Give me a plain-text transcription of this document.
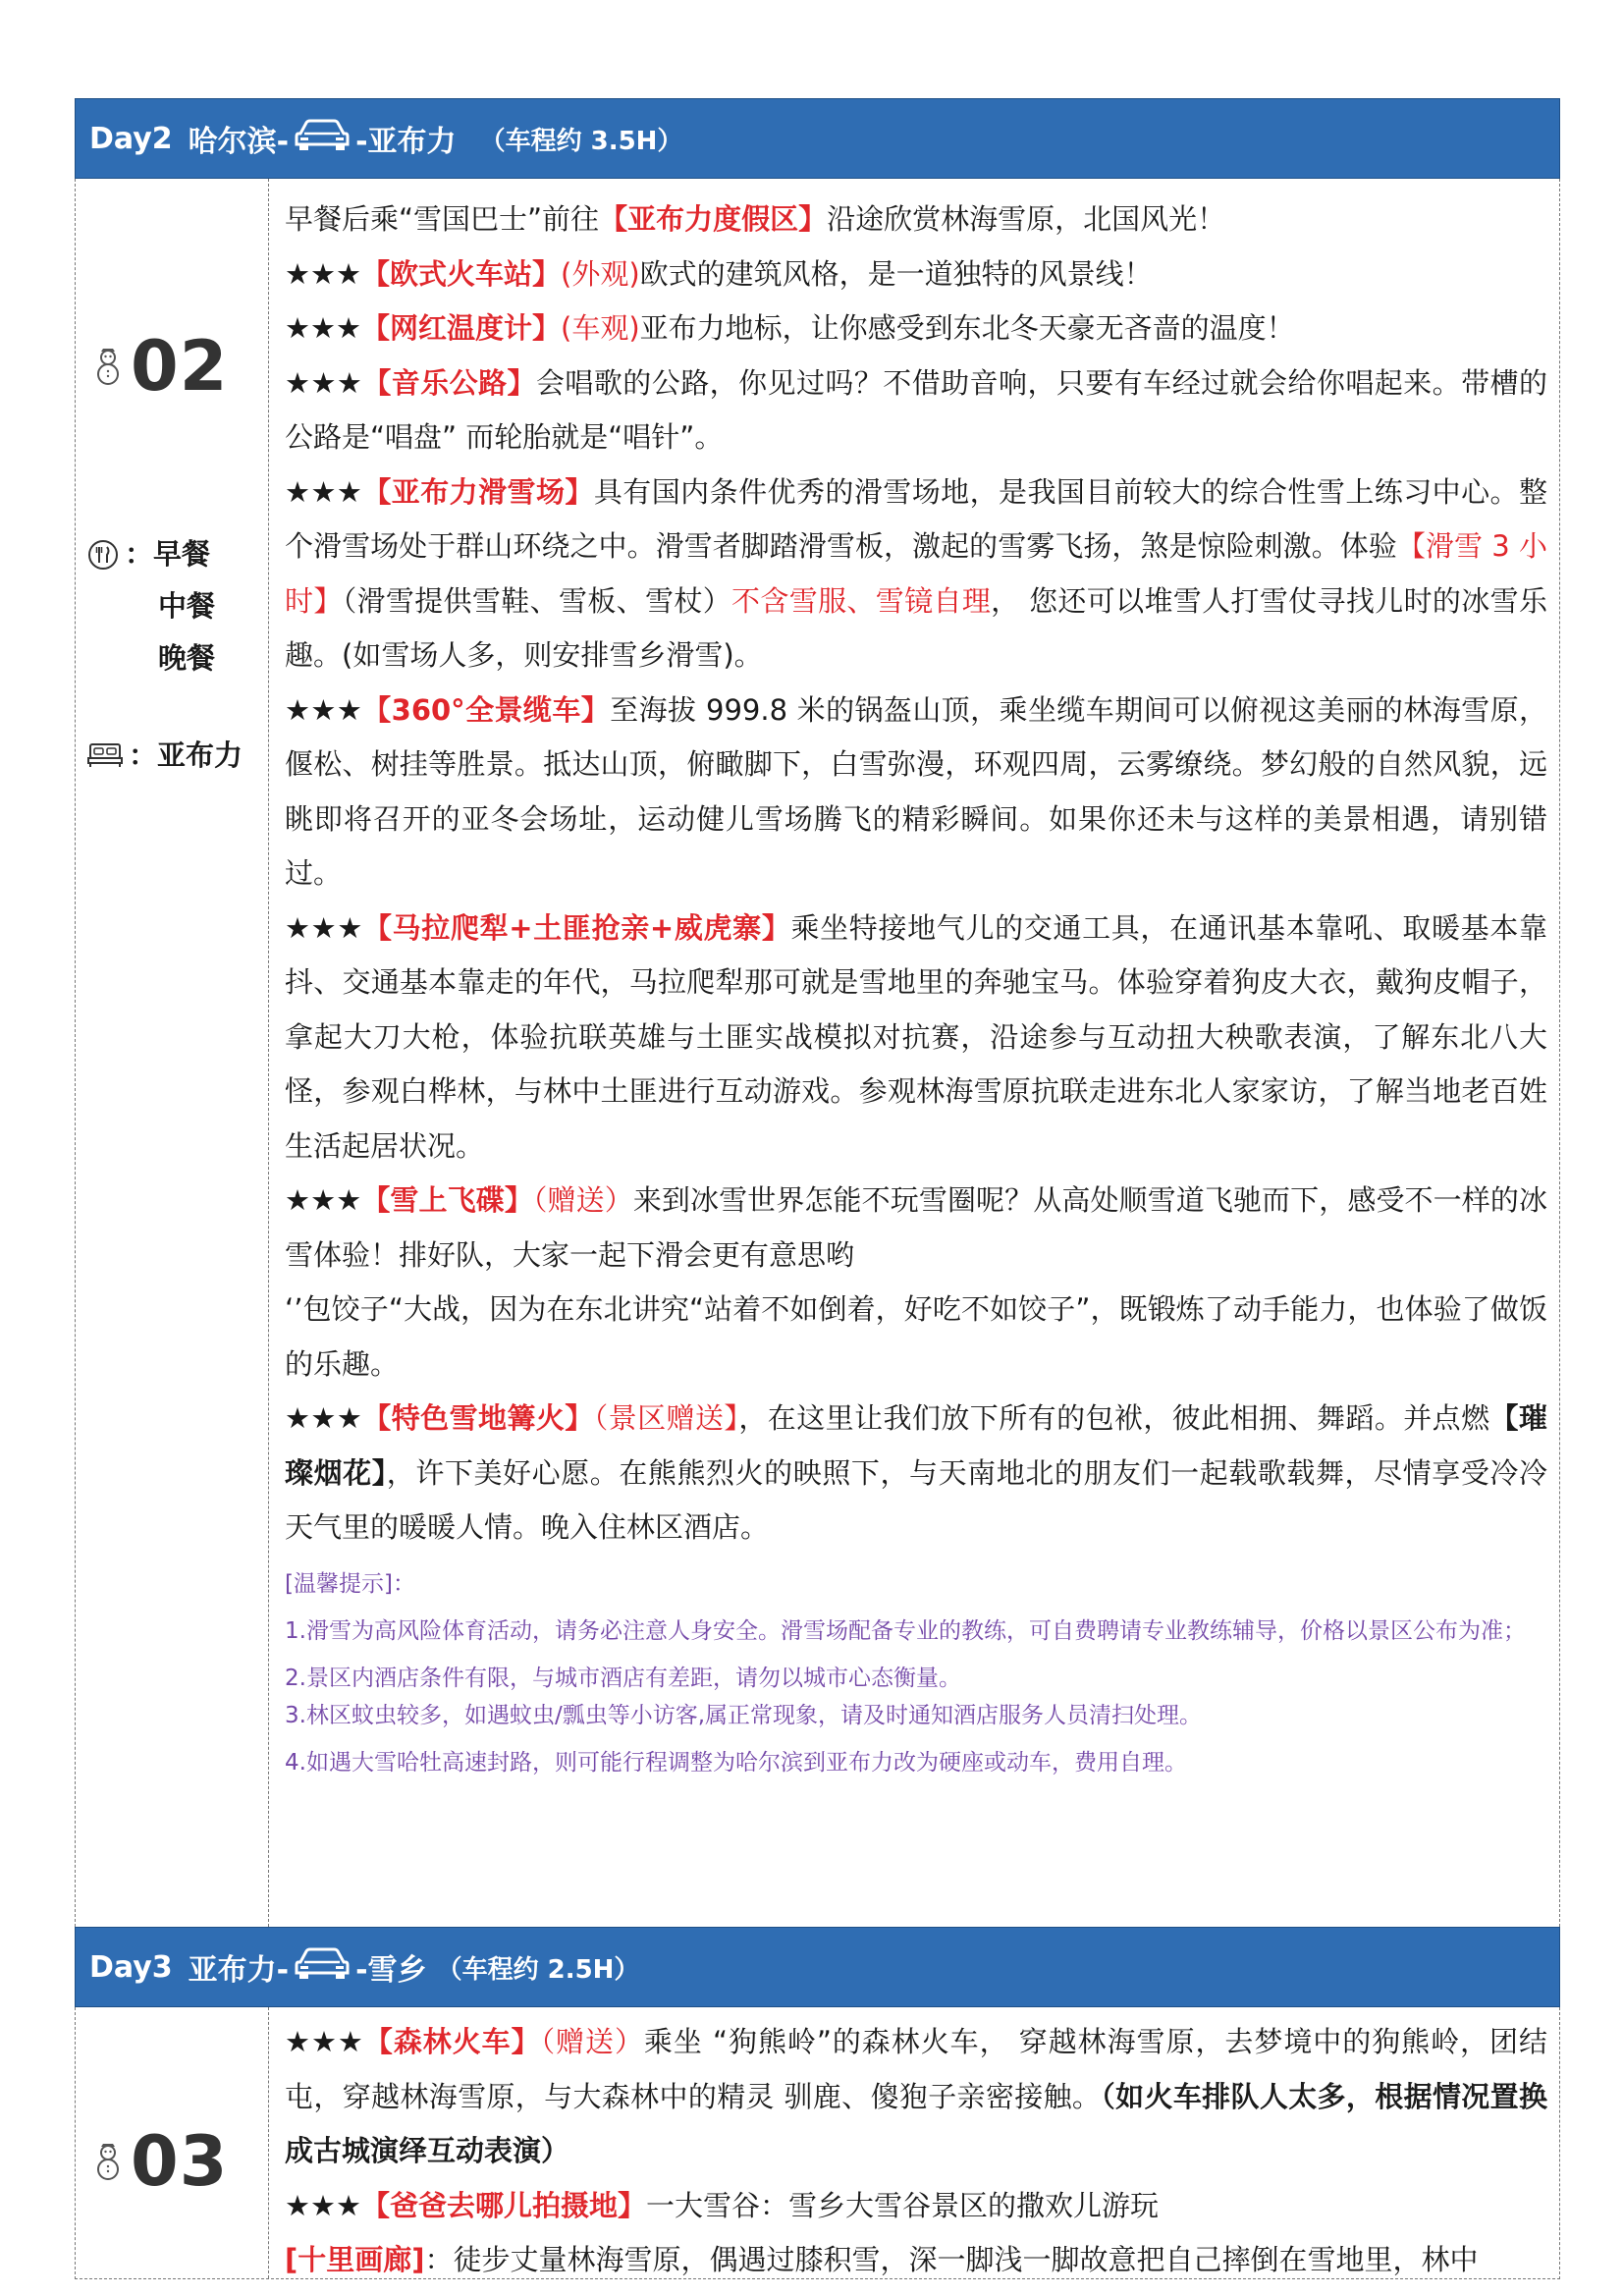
Day2 哈尔滨- -亚布力 （车程约 3.5H）
02
：早餐
中餐
晚餐
：亚布力

早餐后乘“雪国巴士”前往【亚布力度假区】沿途欣赏林海雪原，北国风光！

★★★【欧式火车站】(外观)欧式的建筑风格，是一道独特的风景线！

★★★【网红温度计】(车观)亚布力地标，让你感受到东北冬天豪无吝啬的温度！

★★★【音乐公路】会唱歌的公路，你见过吗？不借助音响，只要有车经过就会给你唱起来。带槽的公路是“唱盘” 而轮胎就是“唱针”。

★★★【亚布力滑雪场】具有国内条件优秀的滑雪场地，是我国目前较大的综合性雪上练习中心。整个滑雪场处于群山环绕之中。滑雪者脚踏滑雪板，激起的雪雾飞扬，煞是惊险刺激。体验【滑雪 3 小时】（滑雪提供雪鞋、雪板、雪杖）不含雪服、雪镜自理， 您还可以堆雪人打雪仗寻找儿时的冰雪乐趣。(如雪场人多，则安排雪乡滑雪)。

★★★【360°全景缆车】至海拔 999.8 米的锅盔山顶，乘坐缆车期间可以俯视这美丽的林海雪原，偃松、树挂等胜景。抵达山顶，俯瞰脚下，白雪弥漫，环观四周，云雾缭绕。梦幻般的自然风貌，远眺即将召开的亚冬会场址，运动健儿雪场腾飞的精彩瞬间。如果你还未与这样的美景相遇，请别错过。

★★★【马拉爬犁+土匪抢亲+威虎寨】乘坐特接地气儿的交通工具，在通讯基本靠吼、取暖基本靠抖、交通基本靠走的年代，马拉爬犁那可就是雪地里的奔驰宝马。体验穿着狗皮大衣，戴狗皮帽子，拿起大刀大枪，体验抗联英雄与土匪实战模拟对抗赛，沿途参与互动扭大秧歌表演，了解东北八大怪，参观白桦林，与林中土匪进行互动游戏。参观林海雪原抗联走进东北人家家访，了解当地老百姓生活起居状况。

★★★【雪上飞碟】（赠送）来到冰雪世界怎能不玩雪圈呢？从高处顺雪道飞驰而下，感受不一样的冰雪体验！排好队，大家一起下滑会更有意思哟

‘’包饺子“大战，因为在东北讲究“站着不如倒着，好吃不如饺子”，既锻炼了动手能力，也体验了做饭的乐趣。

★★★【特色雪地篝火】（景区赠送】，在这里让我们放下所有的包袱，彼此相拥、舞蹈。并点燃【璀璨烟花】，许下美好心愿。在熊熊烈火的映照下，与天南地北的朋友们一起载歌载舞，尽情享受冷冷天气里的暖暖人情。晚入住林区酒店。

[温馨提示]：

1.滑雪为高风险体育活动，请务必注意人身安全。滑雪场配备专业的教练，可自费聘请专业教练辅导，价格以景区公布为准；

2.景区内酒店条件有限，与城市酒店有差距，请勿以城市心态衡量。

3.林区蚊虫较多，如遇蚊虫/瓢虫等小访客,属正常现象，请及时通知酒店服务人员清扫处理。

4.如遇大雪哈牡高速封路，则可能行程调整为哈尔滨到亚布力改为硬座或动车，费用自理。

Day3 亚布力- -雪乡 （车程约 2.5H）
03

★★★【森林火车】（赠送）乘坐 “狗熊岭”的森林火车， 穿越林海雪原，去梦境中的狗熊岭，团结屯，穿越林海雪原，与大森林中的精灵 驯鹿、傻狍子亲密接触。（如火车排队人太多，根据情况置换成古城演绎互动表演）

★★★【爸爸去哪儿拍摄地】一大雪谷：雪乡大雪谷景区的撒欢儿游玩

[十里画廊]：徒步丈量林海雪原，偶遇过膝积雪，深一脚浅一脚故意把自己摔倒在雪地里，林中
